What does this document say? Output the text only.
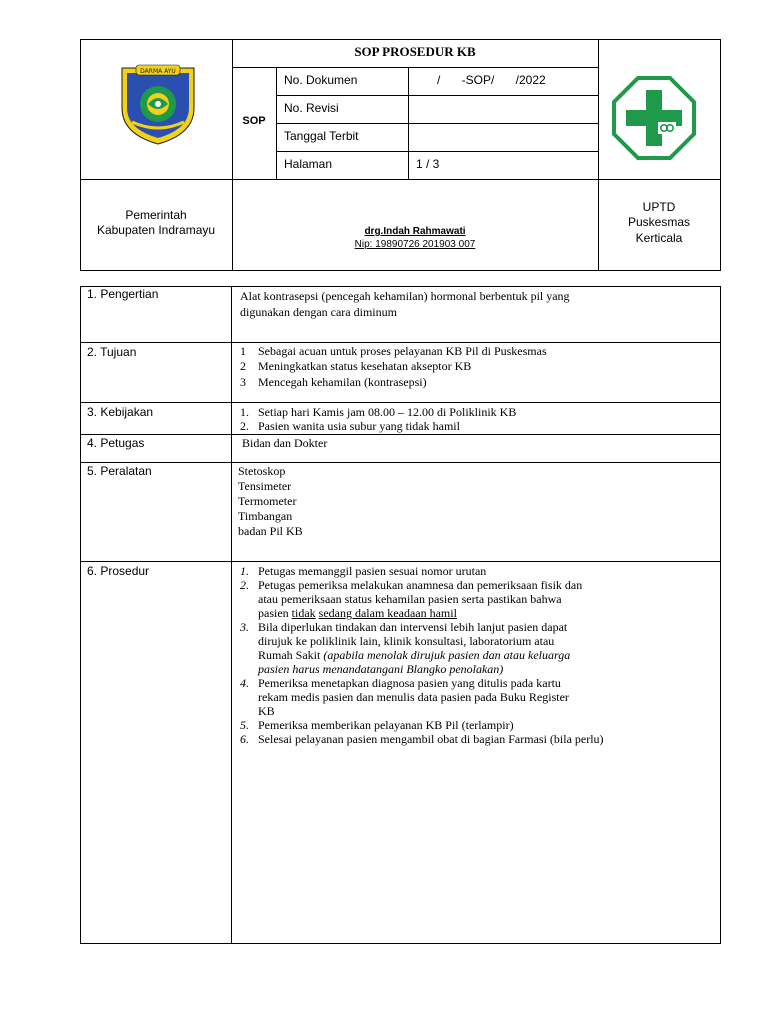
SOP PROSEDUR KB
SOP
No. Dokumen	/ -SOP/ /2022
No. Revisi
Tanggal Terbit
Halaman	1 / 3
DARMA AYU
Pemerintah
Kabupaten Indramayu	drg.Indah Rahmawati
Nip: 19890726 201903 007
UPTD
Puskesmas
Kerticala
1. Pengertian	Alat kontrasepsi (pencegah kehamilan) hormonal berbentuk pil yang
digunakan dengan cara diminum
2. Tujuan	1 Sebagai acuan untuk proses pelayanan KB Pil di Puskesmas
2 Meningkatkan status kesehatan akseptor KB
3 Mencegah kehamilan (kontrasepsi)
3. Kebijakan	1. Setiap hari Kamis jam 08.00 – 12.00 di Poliklinik KB
2. Pasien wanita usia subur yang tidak hamil
4. Petugas	Bidan dan Dokter
5. Peralatan	Stetoskop
Tensimeter
Termometer
Timbangan
badan Pil KB
6. Prosedur	1. Petugas memanggil pasien sesuai nomor urutan
2. Petugas pemeriksa melakukan anamnesa dan pemeriksaan fisik dan
atau pemeriksaan status kehamilan pasien serta pastikan bahwa
pasien tidak sedang dalam keadaan hamil
3. Bila diperlukan tindakan dan intervensi lebih lanjut pasien dapat
dirujuk ke poliklinik lain, klinik konsultasi, laboratorium atau
Rumah Sakit (apabila menolak dirujuk pasien dan atau keluarga
pasien harus menandatangani Blangko penolakan)
4. Pemeriksa menetapkan diagnosa pasien yang ditulis pada kartu
rekam medis pasien dan menulis data pasien pada Buku Register
KB
5. Pemeriksa memberikan pelayanan KB Pil (terlampir)
6. Selesai pelayanan pasien mengambil obat di bagian Farmasi (bila perlu)
